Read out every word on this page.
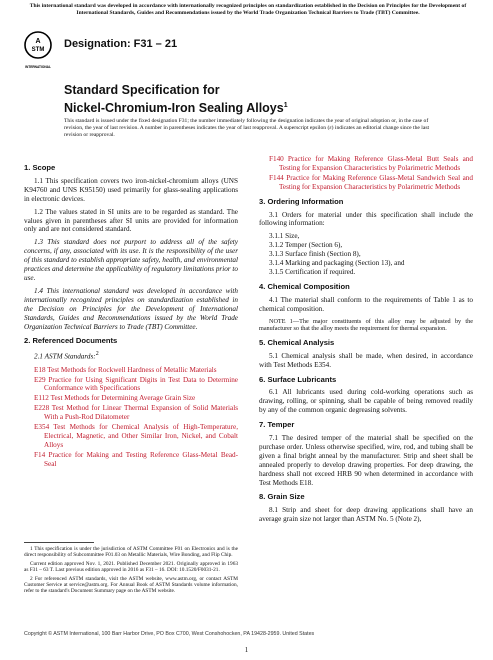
This international standard was developed in accordance with internationally recognized principles on standardization established in the Decision on Principles for the Development of International Standards, Guides and Recommendations issued by the World Trade Organization Technical Barriers to Trade (TBT) Committee.
A
STM
INTERNATIONAL
Designation: F31 – 21
Standard Specification for
Nickel-Chromium-Iron Sealing Alloys$^1$
This standard is issued under the fixed designation F31; the number immediately following the designation indicates the year of original adoption or, in the case of revision, the year of last revision. A number in parentheses indicates the year of last reapproval. A superscript epsilon (ε) indicates an editorial change since the last revision or reapproval.
1. Scope

1.1 This specification covers two iron-nickel-chromium alloys (UNS K94760 and UNS K95150) used primarily for glass-sealing applications in electronic devices.

1.2 The values stated in SI units are to be regarded as standard. The values given in parentheses after SI units are provided for information only and are not considered standard.

1.3 This standard does not purport to address all of the safety concerns, if any, associated with its use. It is the responsibility of the user of this standard to establish appropriate safety, health, and environmental practices and determine the applicability of regulatory limitations prior to use.

1.4 This international standard was developed in accordance with internationally recognized principles on standardization established in the Decision on Principles for the Development of International Standards, Guides and Recommendations issued by the World Trade Organization Technical Barriers to Trade (TBT) Committee.

2. Referenced Documents

2.1 ASTM Standards:$^2$

E18 Test Methods for Rockwell Hardness of Metallic Materials

E29 Practice for Using Significant Digits in Test Data to Determine Conformance with Specifications

E112 Test Methods for Determining Average Grain Size

E228 Test Method for Linear Thermal Expansion of Solid Materials With a Push-Rod Dilatometer

E354 Test Methods for Chemical Analysis of High-Temperature, Electrical, Magnetic, and Other Similar Iron, Nickel, and Cobalt Alloys

F14 Practice for Making and Testing Reference Glass-Metal Bead-Seal

F140 Practice for Making Reference Glass-Metal Butt Seals and Testing for Expansion Characteristics by Polarimetric Methods

F144 Practice for Making Reference Glass-Metal Sandwich Seal and Testing for Expansion Characteristics by Polarimetric Methods

3. Ordering Information

3.1 Orders for material under this specification shall include the following information:

3.1.1 Size,

3.1.2 Temper (Section 6),

3.1.3 Surface finish (Section 8),

3.1.4 Marking and packaging (Section 13), and

3.1.5 Certification if required.

4. Chemical Composition

4.1 The material shall conform to the requirements of Table 1 as to chemical composition.

NOTE 1—The major constituents of this alloy may be adjusted by the manufacturer so that the alloy meets the requirement for thermal expansion.

5. Chemical Analysis

5.1 Chemical analysis shall be made, when desired, in accordance with Test Methods E354.

6. Surface Lubricants

6.1 All lubricants used during cold-working operations such as drawing, rolling, or spinning, shall be capable of being removed readily by any of the common organic degreasing solvents.

7. Temper

7.1 The desired temper of the material shall be specified on the purchase order. Unless otherwise specified, wire, rod, and tubing shall be given a final bright anneal by the manufacturer. Strip and sheet shall be annealed properly to develop drawing properties. For deep drawing, the hardness shall not exceed HRB 90 when determined in accordance with Test Methods E18.

8. Grain Size

8.1 Strip and sheet for deep drawing applications shall have an average grain size not larger than ASTM No. 5 (Note 2),

1 This specification is under the jurisdiction of ASTM Committee F01 on Electronics and is the direct responsibility of Subcommittee F01.03 on Metallic Materials, Wire Bonding, and Flip Chip.

Current edition approved Nov. 1, 2021. Published December 2021. Originally approved in 1963 as F31 – 63 T. Last previous edition approved in 2016 as F31 – 16. DOI: 10.1520/F0031-21.

2 For referenced ASTM standards, visit the ASTM website, www.astm.org, or contact ASTM Customer Service at service@astm.org. For Annual Book of ASTM Standards volume information, refer to the standard's Document Summary page on the ASTM website.

Copyright © ASTM International, 100 Barr Harbor Drive, PO Box C700, West Conshohocken, PA 19428-2959. United States
1
